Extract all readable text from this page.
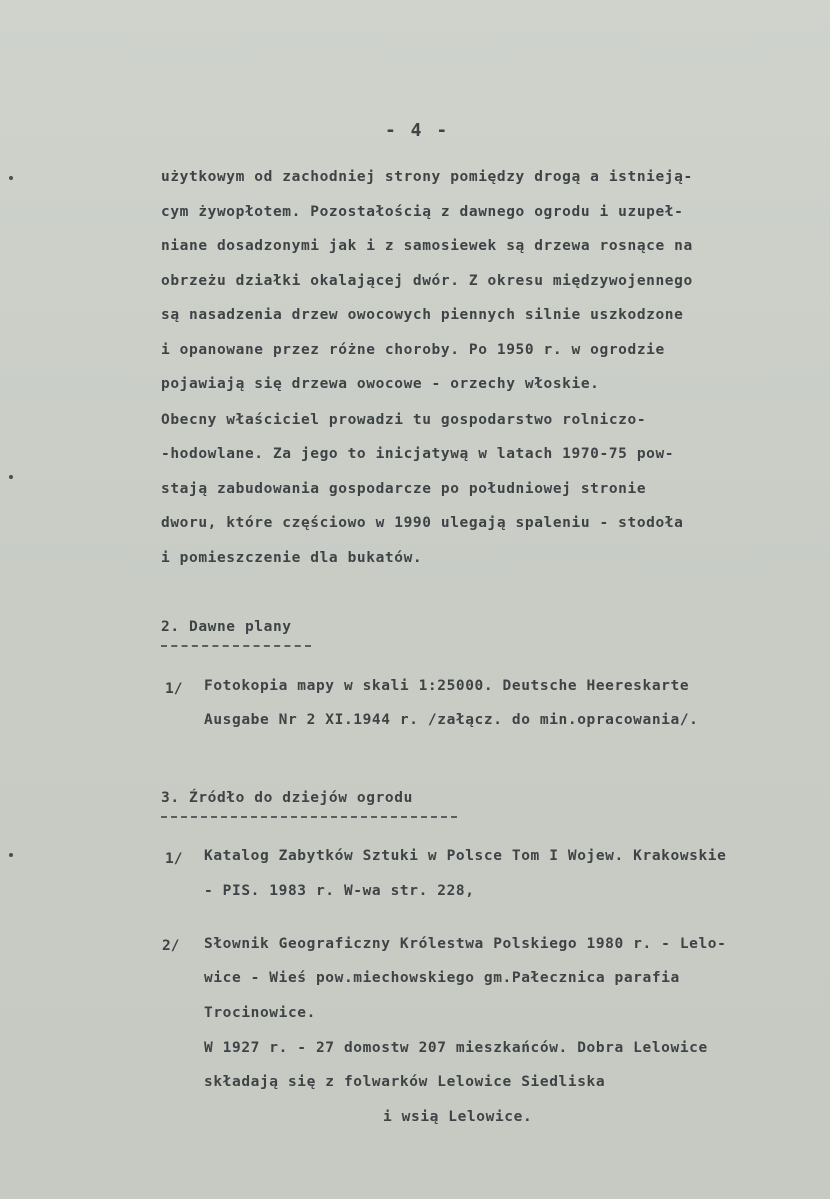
- 4 -
użytkowym od zachodniej strony pomiędzy drogą a istnieją-
cym żywopłotem. Pozostałością z dawnego ogrodu i uzupeł-
niane dosadzonymi jak i z samosiewek są drzewa rosnące na
obrzeżu działki okalającej dwór. Z okresu międzywojennego
są nasadzenia drzew owocowych piennych silnie uszkodzone
i opanowane przez różne choroby. Po 1950 r. w ogrodzie
pojawiają się drzewa owocowe - orzechy włoskie.
Obecny właściciel prowadzi tu gospodarstwo rolniczo-
-hodowlane. Za jego to inicjatywą w latach 1970-75 pow-
stają zabudowania gospodarcze po południowej stronie
dworu, które częściowo w 1990 ulegają spaleniu - stodoła
i pomieszczenie dla bukatów.
2. Dawne plany
1/ Fotokopia mapy w skali 1:25000. Deutsche Heereskarte
Ausgabe Nr 2 XI.1944 r. /załącz. do min.opracowania/.
3. Źródło do dziejów ogrodu
1/ Katalog Zabytków Sztuki w Polsce Tom I Wojew. Krakowskie
- PIS. 1983 r. W-wa str. 228,
2/ Słownik Geograficzny Królestwa Polskiego 1980 r. - Lelo-
wice - Wieś pow.miechowskiego gm.Pałecznica parafia
Trocinowice.
W 1927 r. - 27 domostw 207 mieszkańców. Dobra Lelowice
składają się z folwarków Lelowice Siedliska
i wsią Lelowice.
